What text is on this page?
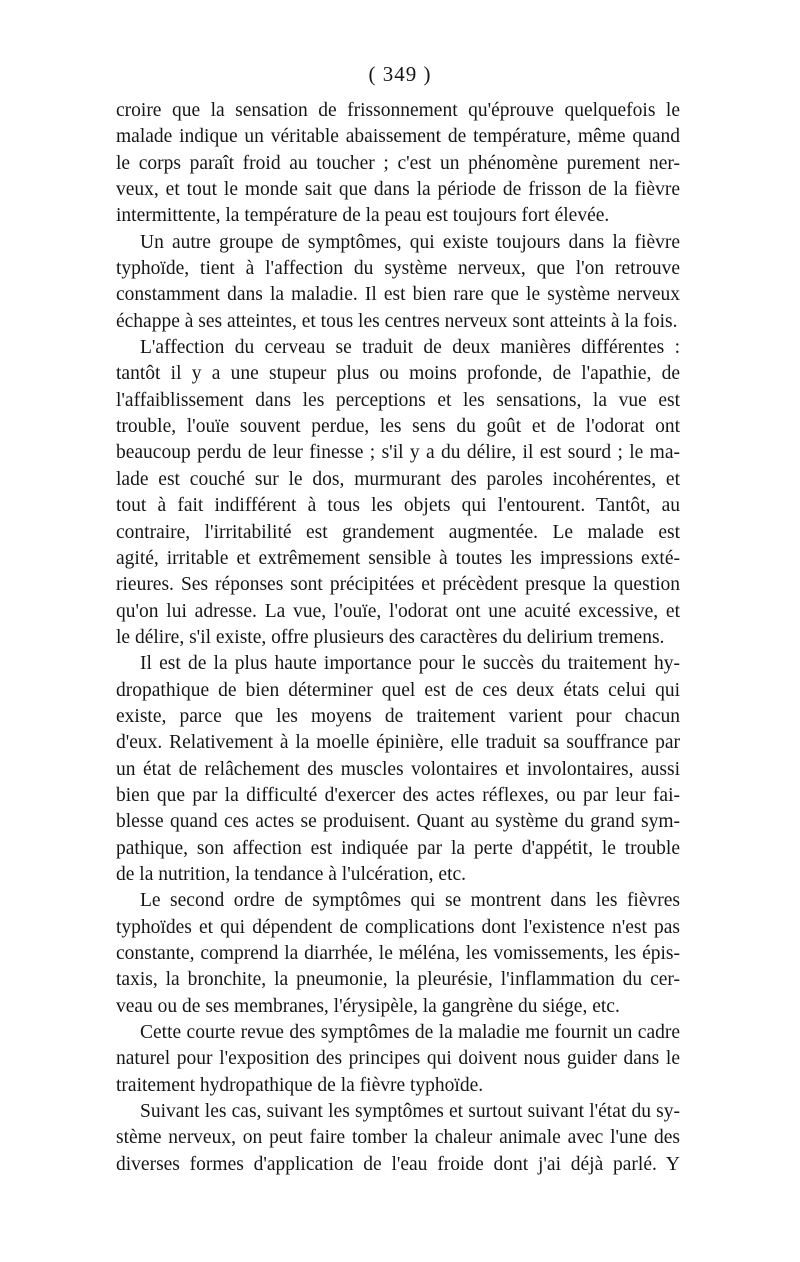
( 349 )
croire que la sensation de frissonnement qu'éprouve quelquefois le
malade indique un véritable abaissement de température, même quand
le corps paraît froid au toucher ; c'est un phénomène purement ner-
veux, et tout le monde sait que dans la période de frisson de la fièvre
intermittente, la température de la peau est toujours fort élevée.
Un autre groupe de symptômes, qui existe toujours dans la fièvre
typhoïde, tient à l'affection du système nerveux, que l'on retrouve
constamment dans la maladie. Il est bien rare que le système nerveux
échappe à ses atteintes, et tous les centres nerveux sont atteints à la fois.
L'affection du cerveau se traduit de deux manières différentes :
tantôt il y a une stupeur plus ou moins profonde, de l'apathie, de
l'affaiblissement dans les perceptions et les sensations, la vue est
trouble, l'ouïe souvent perdue, les sens du goût et de l'odorat ont
beaucoup perdu de leur finesse ; s'il y a du délire, il est sourd ; le ma-
lade est couché sur le dos, murmurant des paroles incohérentes, et
tout à fait indifférent à tous les objets qui l'entourent. Tantôt, au
contraire, l'irritabilité est grandement augmentée. Le malade est
agité, irritable et extrêmement sensible à toutes les impressions exté-
rieures. Ses réponses sont précipitées et précèdent presque la question
qu'on lui adresse. La vue, l'ouïe, l'odorat ont une acuité excessive, et
le délire, s'il existe, offre plusieurs des caractères du delirium tremens.
Il est de la plus haute importance pour le succès du traitement hy-
dropathique de bien déterminer quel est de ces deux états celui qui
existe, parce que les moyens de traitement varient pour chacun
d'eux. Relativement à la moelle épinière, elle traduit sa souffrance par
un état de relâchement des muscles volontaires et involontaires, aussi
bien que par la difficulté d'exercer des actes réflexes, ou par leur fai-
blesse quand ces actes se produisent. Quant au système du grand sym-
pathique, son affection est indiquée par la perte d'appétit, le trouble
de la nutrition, la tendance à l'ulcération, etc.
Le second ordre de symptômes qui se montrent dans les fièvres
typhoïdes et qui dépendent de complications dont l'existence n'est pas
constante, comprend la diarrhée, le méléna, les vomissements, les épis-
taxis, la bronchite, la pneumonie, la pleurésie, l'inflammation du cer-
veau ou de ses membranes, l'érysipèle, la gangrène du siége, etc.
Cette courte revue des symptômes de la maladie me fournit un cadre
naturel pour l'exposition des principes qui doivent nous guider dans le
traitement hydropathique de la fièvre typhoïde.
Suivant les cas, suivant les symptômes et surtout suivant l'état du sy-
stème nerveux, on peut faire tomber la chaleur animale avec l'une des
diverses formes d'application de l'eau froide dont j'ai déjà parlé. Y
